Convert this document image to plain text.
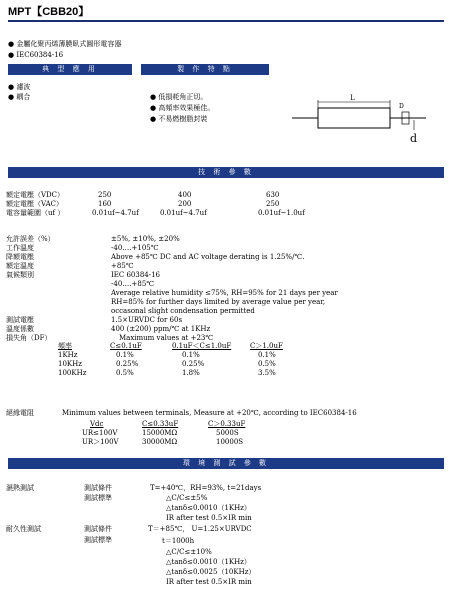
MPT【CBB20】
● 金屬化聚丙烯薄膜臥式圓形電容器
● IEC60384-16
典 型 應 用	製 作 特 點
● 濾波
● 耦合	● 低損耗角正切。
● 高頻率效果極佳。
● 不易燃樹脂封裝
L
D
d
技 術 參 數
額定電壓（VDC）	250	400	630
額定電壓（VAC）	160	200	250
電容量範圍（uf ）	0.01uf~4.7uf	0.01uf~4.7uf	0.01uf~1.0uf
允許誤差（%）	±5%, ±10%, ±20%
工作溫度	-40….+105℃
降額電壓	Above +85℃ DC and AC voltage derating is 1.25%/℃.
額定溫度	+85℃
氣候類別	IEC 60384-16
-40….+85℃
Average relative humidity ≤75%, RH=95% for 21 days per year
RH=85% for further days limited by average value per year,
occasonal slight condensation permitted
測試電壓	1.5×URVDC for 60s
溫度係數	400 (±200) ppm/℃ at 1KHz
損失角（DF）	Maximum values at +23℃
頻率	C≤0.1uF	0.1uF＜C≤1.0uF	C＞1.0uF
1KHz	0.1%	0.1%	0.1%
10KHz	0.25%	0.25%	0.5%
100KHz	0.5%	1.8%	3.5%
絕緣電阻	Minimum values between terminals, Measure at +20℃, according to IEC60384-16
Vdc	C≤0.33uF	C＞0.33uF
UR≤100V	15000MΩ	5000S
UR＞100V	30000MΩ	10000S
環 境 測 試 參 數
濕熱測試	測試條件	T=+40℃，RH=93%, t=21days
測試標準	△C/C≤±5%
△tanδ≤0.0010（1KHz）
IR after test 0.5×IR min
耐久性測試	測試條件	T＝+85℃， U=1.25×URVDC
測試標準	t＝1000h
△C/C≤±10%
△tanδ≤0.0010（1KHz）
△tanδ≤0.0025（10KHz）
IR after test 0.5×IR min
